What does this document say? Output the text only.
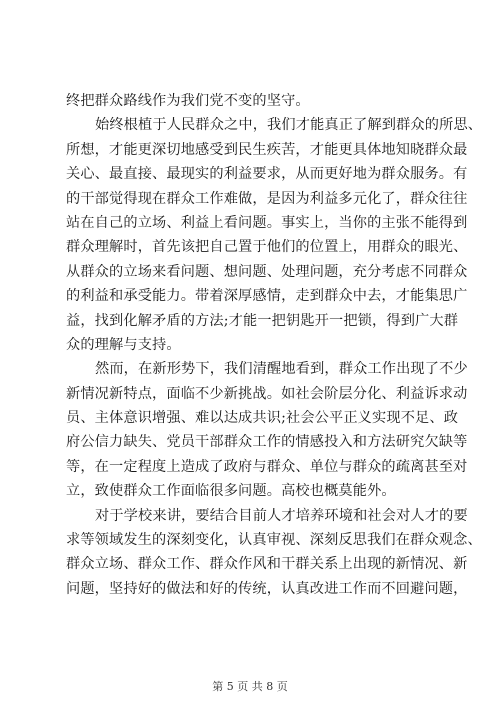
终把群众路线作为我们党不变的坚守。
始终根植于人民群众之中，我们才能真正了解到群众的所思、
所想，才能更深切地感受到民生疾苦，才能更具体地知晓群众最
关心、最直接、最现实的利益要求，从而更好地为群众服务。有
的干部觉得现在群众工作难做，是因为利益多元化了，群众往往
站在自己的立场、利益上看问题。事实上，当你的主张不能得到
群众理解时，首先该把自己置于他们的位置上，用群众的眼光、
从群众的立场来看问题、想问题、处理问题，充分考虑不同群众
的利益和承受能力。带着深厚感情，走到群众中去，才能集思广
益，找到化解矛盾的方法;才能一把钥匙开一把锁，得到广大群
众的理解与支持。
然而，在新形势下，我们清醒地看到，群众工作出现了不少
新情况新特点，面临不少新挑战。如社会阶层分化、利益诉求动
员、主体意识增强、难以达成共识;社会公平正义实现不足、政
府公信力缺失、党员干部群众工作的情感投入和方法研究欠缺等
等，在一定程度上造成了政府与群众、单位与群众的疏离甚至对
立，致使群众工作面临很多问题。高校也概莫能外。
对于学校来讲，要结合目前人才培养环境和社会对人才的要
求等领域发生的深刻变化，认真审视、深刻反思我们在群众观念、
群众立场、群众工作、群众作风和干群关系上出现的新情况、新
问题，坚持好的做法和好的传统，认真改进工作而不回避问题，
第 5 页 共 8 页
